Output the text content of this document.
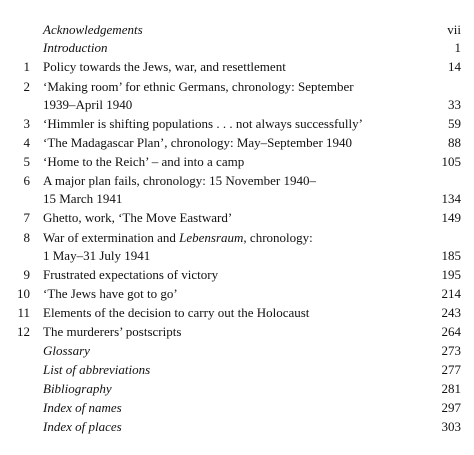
Acknowledgements	vii
Introduction	1
1 Policy towards the Jews, war, and resettlement	14
2 ‘Making room’ for ethnic Germans, chronology: September
1939–April 1940	33
3 ‘Himmler is shifting populations . . . not always successfully’	59
4 ‘The Madagascar Plan’, chronology: May–September 1940	88
5 ‘Home to the Reich’ – and into a camp	105
6 A major plan fails, chronology: 15 November 1940–
15 March 1941	134
7 Ghetto, work, ‘The Move Eastward’	149
8 War of extermination and Lebensraum, chronology:
1 May–31 July 1941	185
9 Frustrated expectations of victory	195
10 ‘The Jews have got to go’	214
11 Elements of the decision to carry out the Holocaust	243
12 The murderers’ postscripts	264
Glossary	273
List of abbreviations	277
Bibliography	281
Index of names	297
Index of places	303
